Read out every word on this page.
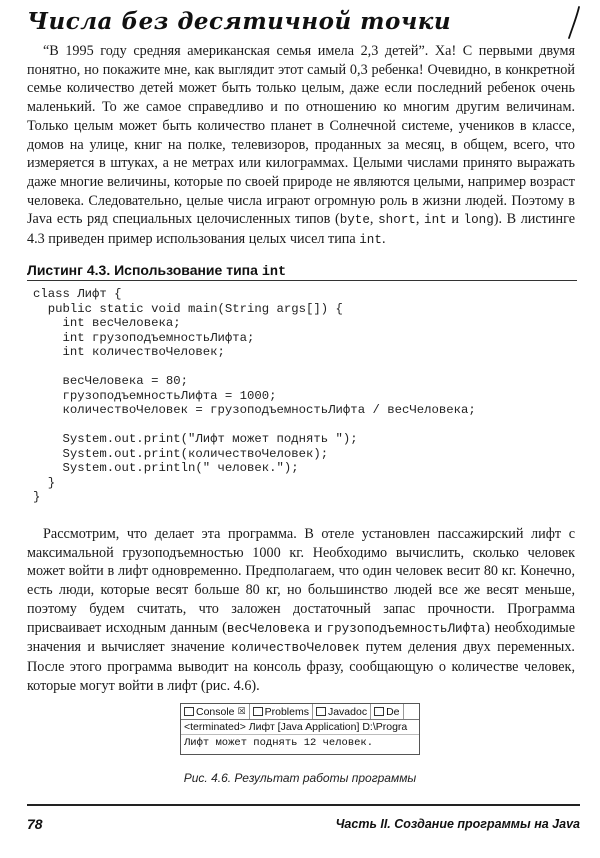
Числа без десятичной точки

“В 1995 году средняя американская семья имела 2,3 детей”. Ха! С первыми двумя понятно, но покажите мне, как выглядит этот самый 0,3 ребенка! Очевидно, в конкретной семье количество детей может быть только целым, даже если последний ребенок очень маленький. То же самое справедливо и по отношению ко многим другим величинам. Только целым может быть количество планет в Солнечной системе, учеников в классе, домов на улице, книг на полке, телевизоров, проданных за месяц, в общем, всего, что измеряется в штуках, а не метрах или килограммах. Целыми числами принято выражать даже многие величины, которые по своей природе не являются целыми, например возраст человека. Следовательно, целые числа играют огромную роль в жизни людей. Поэтому в Java есть ряд специальных целочисленных типов (byte, short, int и long). В листинге 4.3 приведен пример использования целых чисел типа int.

Листинг 4.3. Использование типа int
class Лифт {
public static void main(String args[]) {
int весЧеловека;
int грузоподъемностьЛифта;
int количествоЧеловек;

весЧеловека = 80;
грузоподъемностьЛифта = 1000;
количествоЧеловек = грузоподъемностьЛифта / весЧеловека;

System.out.print("Лифт может поднять ");
System.out.print(количествоЧеловек);
System.out.println(" человек.");
}
}

Рассмотрим, что делает эта программа. В отеле установлен пассажирский лифт с максимальной грузоподъемностью 1000 кг. Необходимо вычислить, сколько человек может войти в лифт одновременно. Предполагаем, что один человек весит 80 кг. Конечно, есть люди, которые весят больше 80 кг, но большинство людей все же весят меньше, поэтому будем считать, что заложен достаточный запас прочности. Программа присваивает исходным данным (весЧеловека и грузоподъемностьЛифта) необходимые значения и вычисляет значение количествоЧеловек путем деления двух переменных. После этого программа выводит на консоль фразу, сообщающую о количестве человек, которые могут войти в лифт (рис. 4.6).

Console ☒ Problems Javadoc De
<terminated> Лифт [Java Application] D:\Progra
Лифт может поднять 12 человек.
Рис. 4.6. Результат работы программы
78	Часть II. Создание программы на Java
